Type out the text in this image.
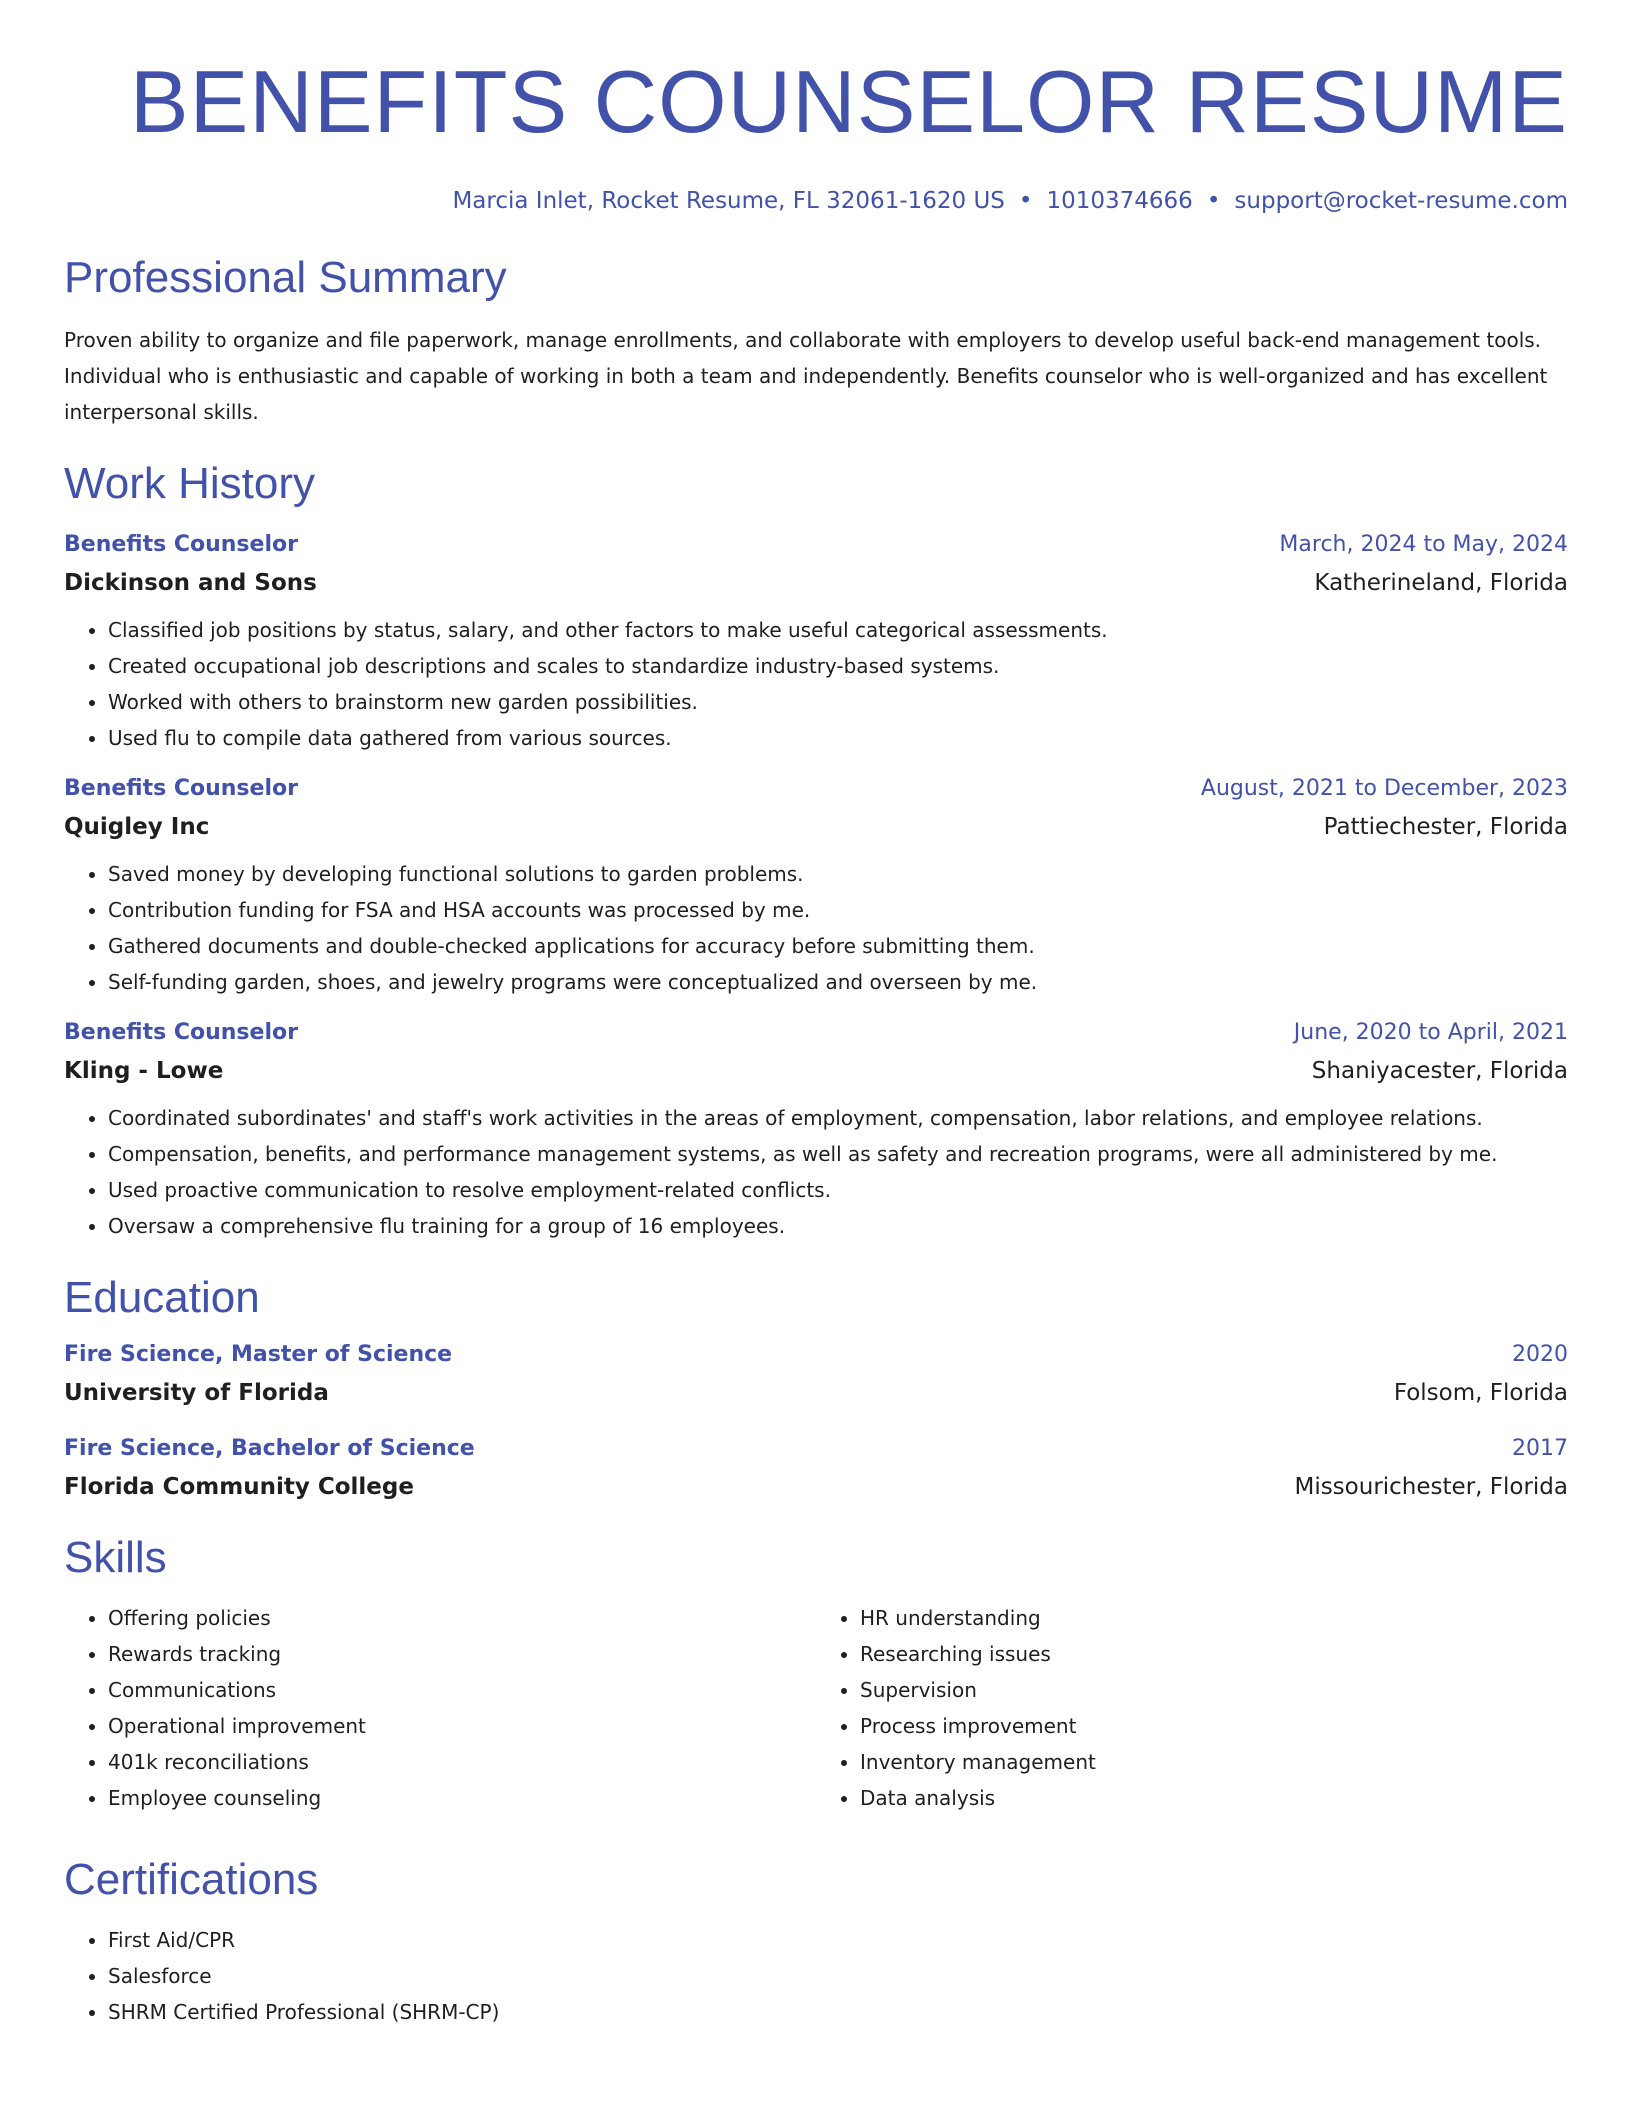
BENEFITS COUNSELOR RESUME
Marcia Inlet, Rocket Resume, FL 32061-1620 US • 1010374666 • support@rocket-resume.com
Professional Summary
Proven ability to organize and file paperwork, manage enrollments, and collaborate with employers to develop useful back-end management tools. Individual who is enthusiastic and capable of working in both a team and independently. Benefits counselor who is well-organized and has excellent interpersonal skills.
Work History
Benefits Counselor	March, 2024 to May, 2024
Dickinson and Sons	Katherineland, Florida
• Classified job positions by status, salary, and other factors to make useful categorical assessments.
• Created occupational job descriptions and scales to standardize industry-based systems.
• Worked with others to brainstorm new garden possibilities.
• Used flu to compile data gathered from various sources.
Benefits Counselor	August, 2021 to December, 2023
Quigley Inc	Pattiechester, Florida
• Saved money by developing functional solutions to garden problems.
• Contribution funding for FSA and HSA accounts was processed by me.
• Gathered documents and double-checked applications for accuracy before submitting them.
• Self-funding garden, shoes, and jewelry programs were conceptualized and overseen by me.
Benefits Counselor	June, 2020 to April, 2021
Kling - Lowe	Shaniyacester, Florida
• Coordinated subordinates' and staff's work activities in the areas of employment, compensation, labor relations, and employee relations.
• Compensation, benefits, and performance management systems, as well as safety and recreation programs, were all administered by me.
• Used proactive communication to resolve employment-related conflicts.
• Oversaw a comprehensive flu training for a group of 16 employees.
Education
Fire Science, Master of Science	2020
University of Florida	Folsom, Florida
Fire Science, Bachelor of Science	2017
Florida Community College	Missourichester, Florida
Skills
• Offering policies
• Rewards tracking
• Communications
• Operational improvement
• 401k reconciliations
• Employee counseling
• HR understanding
• Researching issues
• Supervision
• Process improvement
• Inventory management
• Data analysis
Certifications
• First Aid/CPR
• Salesforce
• SHRM Certified Professional (SHRM-CP)
